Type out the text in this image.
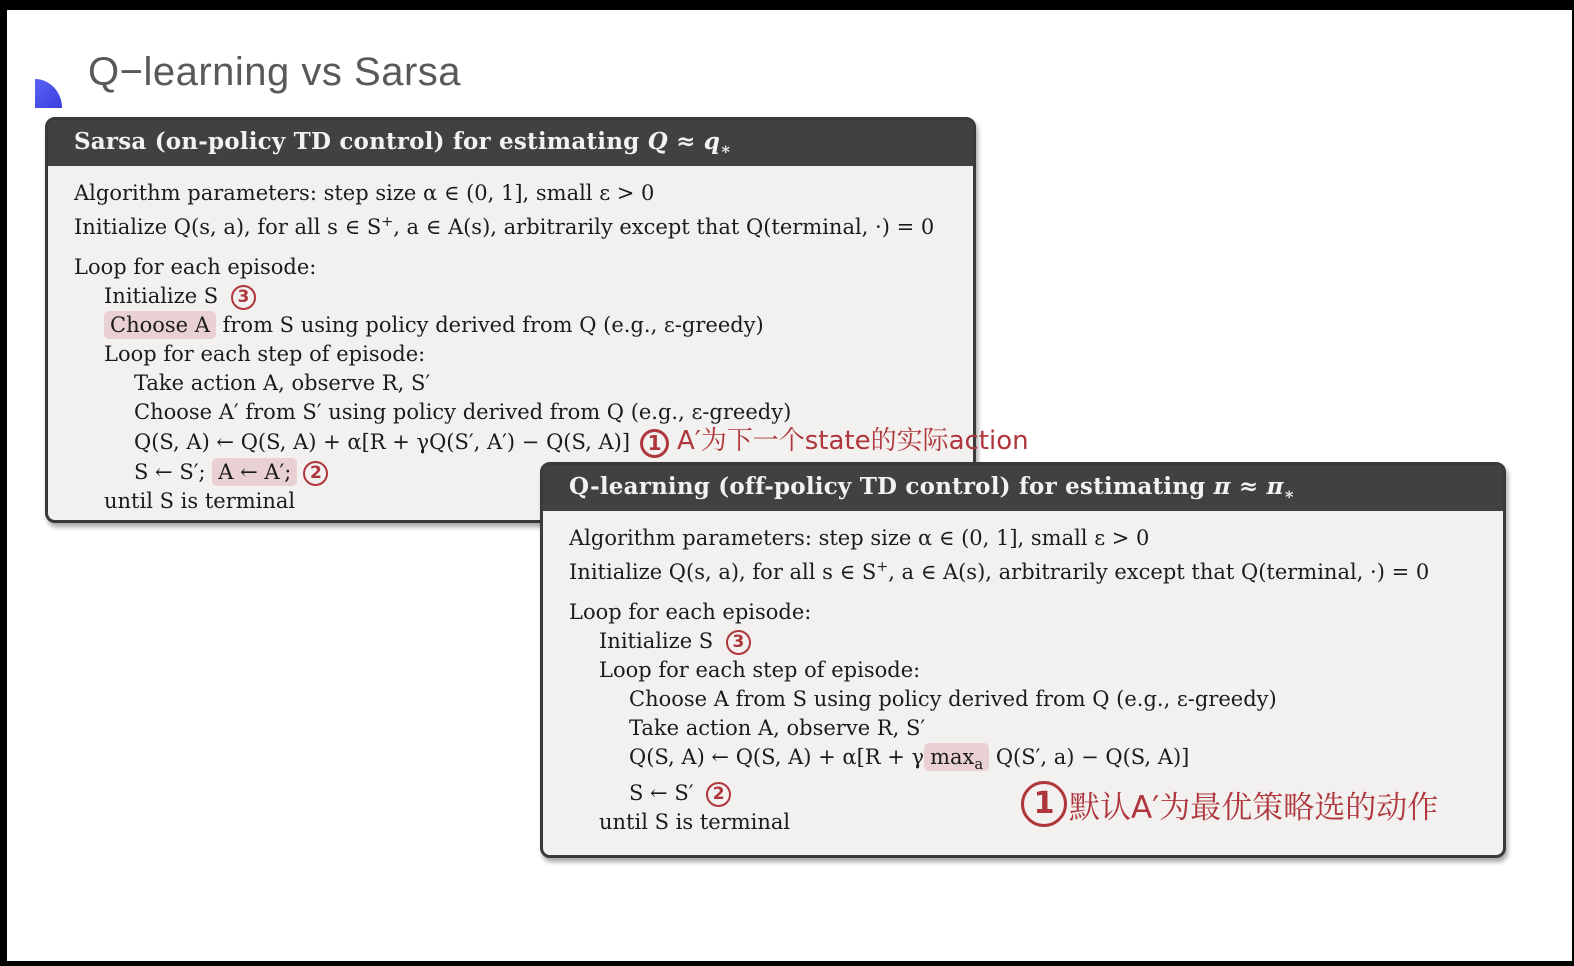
Q−learning vs Sarsa
Sarsa (on-policy TD control) for estimating $Q \approx q_∗$
Algorithm parameters: step size α ∈ (0, 1], small ε > 0
Initialize Q(s, a), for all s ∈ S+, a ∈ A(s), arbitrarily except that Q(terminal, ·) = 0
Loop for each episode:
Initialize S 3
Choose A from S using policy derived from Q (e.g., ε-greedy)
Loop for each step of episode:
Take action A, observe R, S′
Choose A′ from S′ using policy derived from Q (e.g., ε-greedy)
Q(S, A) ← Q(S, A) + α[R + γQ(S′, A′) − Q(S, A)] 1 A′为下一个state的实际action
S ← S′; A ← A′; 2
until S is terminal
Q-learning (off-policy TD control) for estimating $\pi \approx \pi_∗$
Algorithm parameters: step size α ∈ (0, 1], small ε > 0
Initialize Q(s, a), for all s ∈ S+, a ∈ A(s), arbitrarily except that Q(terminal, ·) = 0
Loop for each episode:
Initialize S 3
Loop for each step of episode:
Choose A from S using policy derived from Q (e.g., ε-greedy)
Take action A, observe R, S′
Q(S, A) ← Q(S, A) + α[R + γ $\max_a Q(S'$, a) − Q(S, A)]
S ← S′ 2
until S is terminal
1 默认A′为最优策略选的动作
